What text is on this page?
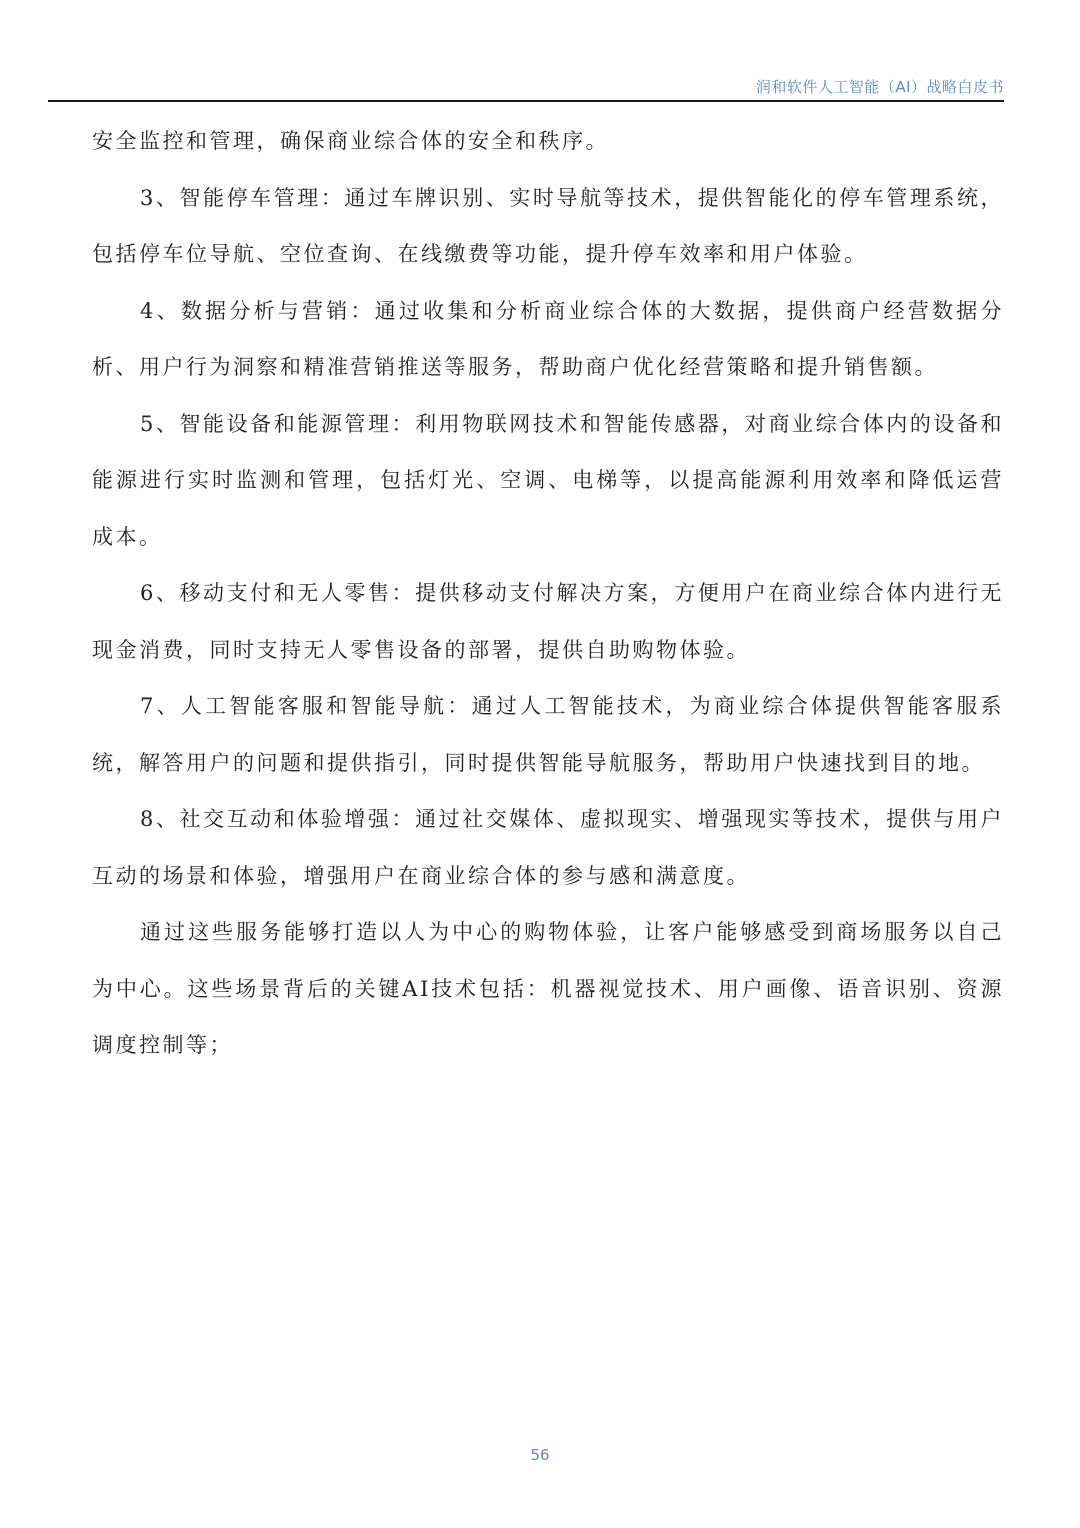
润和软件人工智能（AI）战略白皮书

安全监控和管理，确保商业综合体的安全和秩序。

3、智能停车管理：通过车牌识别、实时导航等技术，提供智能化的停车管理系统，包括停车位导航、空位查询、在线缴费等功能，提升停车效率和用户体验。

4、数据分析与营销：通过收集和分析商业综合体的大数据，提供商户经营数据分析、用户行为洞察和精准营销推送等服务，帮助商户优化经营策略和提升销售额。

5、智能设备和能源管理：利用物联网技术和智能传感器，对商业综合体内的设备和能源进行实时监测和管理，包括灯光、空调、电梯等，以提高能源利用效率和降低运营成本。

6、移动支付和无人零售：提供移动支付解决方案，方便用户在商业综合体内进行无现金消费，同时支持无人零售设备的部署，提供自助购物体验。

7、人工智能客服和智能导航：通过人工智能技术，为商业综合体提供智能客服系统，解答用户的问题和提供指引，同时提供智能导航服务，帮助用户快速找到目的地。

8、社交互动和体验增强：通过社交媒体、虚拟现实、增强现实等技术，提供与用户互动的场景和体验，增强用户在商业综合体的参与感和满意度。

通过这些服务能够打造以人为中心的购物体验，让客户能够感受到商场服务以自己为中心。这些场景背后的关键AI技术包括：机器视觉技术、用户画像、语音识别、资源调度控制等；

56
